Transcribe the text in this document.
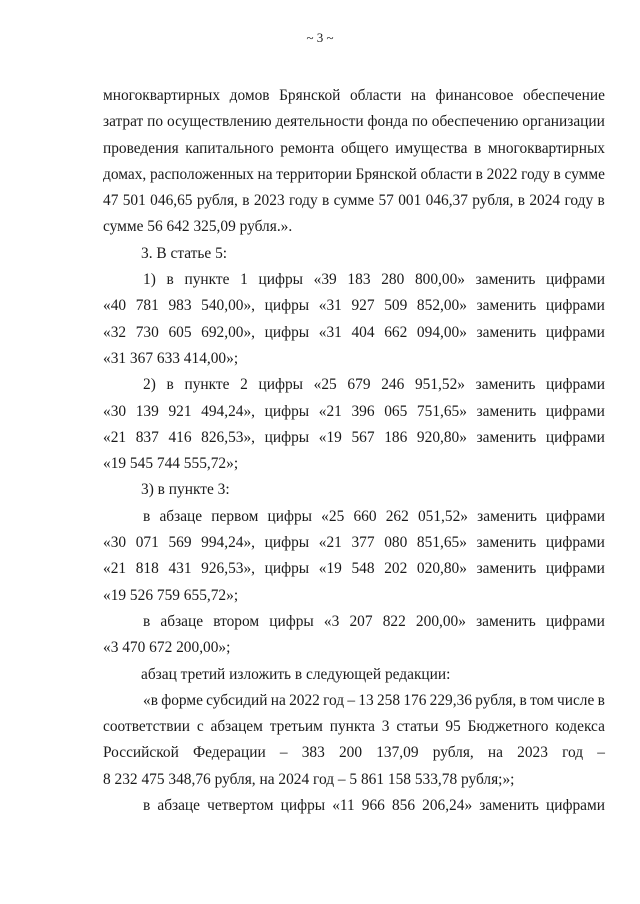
~ 3 ~
многоквартирных домов Брянской области на финансовое обеспечение
затрат по осуществлению деятельности фонда по обеспечению организации
проведения капитального ремонта общего имущества в многоквартирных
домах, расположенных на территории Брянской области в 2022 году в сумме
47 501 046,65 рубля, в 2023 году в сумме 57 001 046,37 рубля, в 2024 году в
сумме 56 642 325,09 рубля.».
3. В статье 5:
1) в пункте 1 цифры «39 183 280 800,00» заменить цифрами
«40 781 983 540,00», цифры «31 927 509 852,00» заменить цифрами
«32 730 605 692,00», цифры «31 404 662 094,00» заменить цифрами
«31 367 633 414,00»;
2) в пункте 2 цифры «25 679 246 951,52» заменить цифрами
«30 139 921 494,24», цифры «21 396 065 751,65» заменить цифрами
«21 837 416 826,53», цифры «19 567 186 920,80» заменить цифрами
«19 545 744 555,72»;
3) в пункте 3:
в абзаце первом цифры «25 660 262 051,52» заменить цифрами
«30 071 569 994,24», цифры «21 377 080 851,65» заменить цифрами
«21 818 431 926,53», цифры «19 548 202 020,80» заменить цифрами
«19 526 759 655,72»;
в абзаце втором цифры «3 207 822 200,00» заменить цифрами
«3 470 672 200,00»;
абзац третий изложить в следующей редакции:
«в форме субсидий на 2022 год – 13 258 176 229,36 рубля, в том числе в
соответствии с абзацем третьим пункта 3 статьи 95 Бюджетного кодекса
Российской Федерации – 383 200 137,09 рубля, на 2023 год –
8 232 475 348,76 рубля, на 2024 год – 5 861 158 533,78 рубля;»;
в абзаце четвертом цифры «11 966 856 206,24» заменить цифрами
